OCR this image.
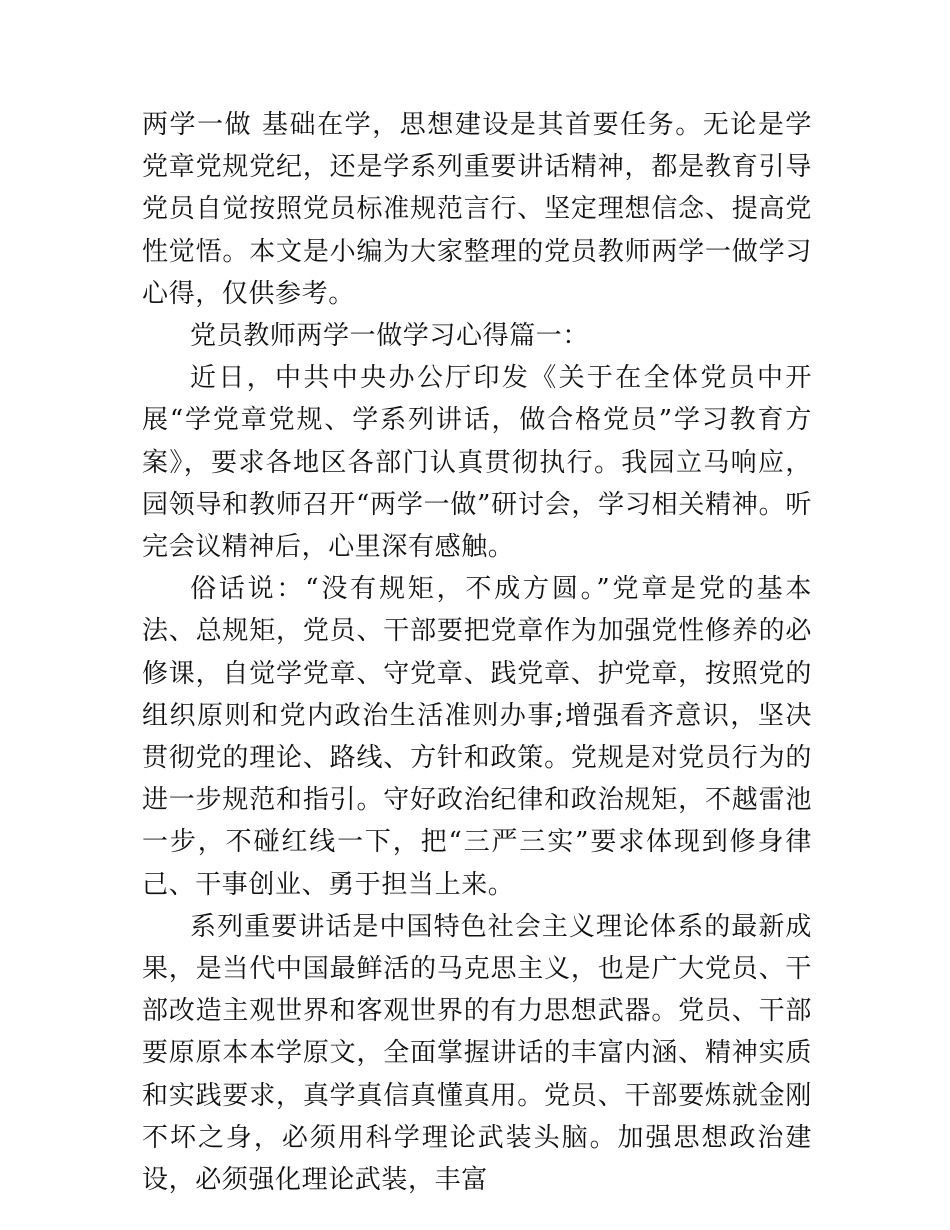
两学一做 基础在学，思想建设是其首要任务。无论是学党章党规党纪，还是学系列重要讲话精神，都是教育引导党员自觉按照党员标准规范言行、坚定理想信念、提高党性觉悟。本文是小编为大家整理的党员教师两学一做学习心得，仅供参考。

党员教师两学一做学习心得篇一：

近日，中共中央办公厅印发《关于在全体党员中开展“学党章党规、学系列讲话，做合格党员”学习教育方案》，要求各地区各部门认真贯彻执行。我园立马响应，园领导和教师召开“两学一做”研讨会，学习相关精神。听完会议精神后，心里深有感触。

俗话说：“没有规矩，不成方圆。”党章是党的基本法、总规矩，党员、干部要把党章作为加强党性修养的必修课，自觉学党章、守党章、践党章、护党章，按照党的组织原则和党内政治生活准则办事;增强看齐意识，坚决贯彻党的理论、路线、方针和政策。党规是对党员行为的进一步规范和指引。守好政治纪律和政治规矩，不越雷池一步，不碰红线一下，把“三严三实”要求体现到修身律己、干事创业、勇于担当上来。

系列重要讲话是中国特色社会主义理论体系的最新成果，是当代中国最鲜活的马克思主义，也是广大党员、干部改造主观世界和客观世界的有力思想武器。党员、干部要原原本本学原文，全面掌握讲话的丰富内涵、精神实质和实践要求，真学真信真懂真用。党员、干部要炼就金刚不坏之身，必须用科学理论武装头脑。加强思想政治建设，必须强化理论武装，丰富
